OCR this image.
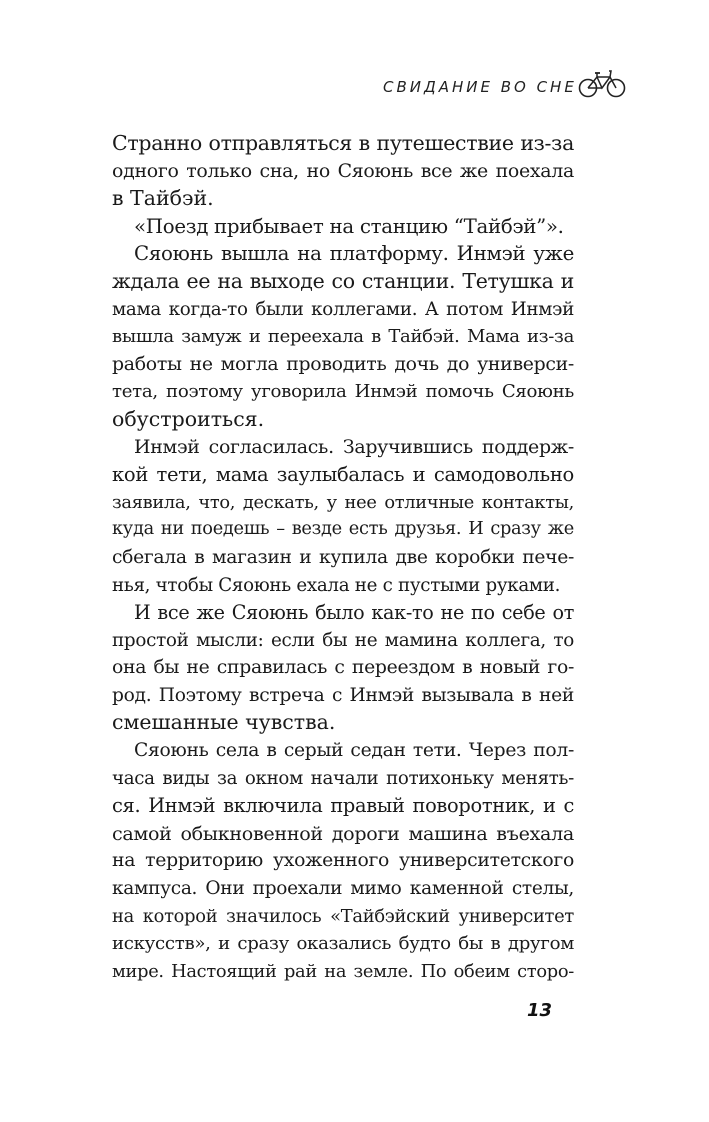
СВИДАНИЕ ВО СНЕ
Странно отправляться в путешествие из-за
одного только сна, но Сяоюнь все же поехала
в Тайбэй.
«Поезд прибывает на станцию “Тайбэй”».
Сяоюнь вышла на платформу. Инмэй уже
ждала ее на выходе со станции. Тетушка и
мама когда-то были коллегами. А потом Инмэй
вышла замуж и переехала в Тайбэй. Мама из-за
работы не могла проводить дочь до универси-
тета, поэтому уговорила Инмэй помочь Сяоюнь
обустроиться.
Инмэй согласилась. Заручившись поддерж-
кой тети, мама заулыбалась и самодовольно
заявила, что, дескать, у нее отличные контакты,
куда ни поедешь – везде есть друзья. И сразу же
сбегала в магазин и купила две коробки пече-
нья, чтобы Сяоюнь ехала не с пустыми руками.
И все же Сяоюнь было как-то не по себе от
простой мысли: если бы не мамина коллега, то
она бы не справилась с переездом в новый го-
род. Поэтому встреча с Инмэй вызывала в ней
смешанные чувства.
Сяоюнь села в серый седан тети. Через пол-
часа виды за окном начали потихоньку менять-
ся. Инмэй включила правый поворотник, и с
самой обыкновенной дороги машина въехала
на территорию ухоженного университетского
кампуса. Они проехали мимо каменной стелы,
на которой значилось «Тайбэйский университет
искусств», и сразу оказались будто бы в другом
мире. Настоящий рай на земле. По обеим сторо-
13
